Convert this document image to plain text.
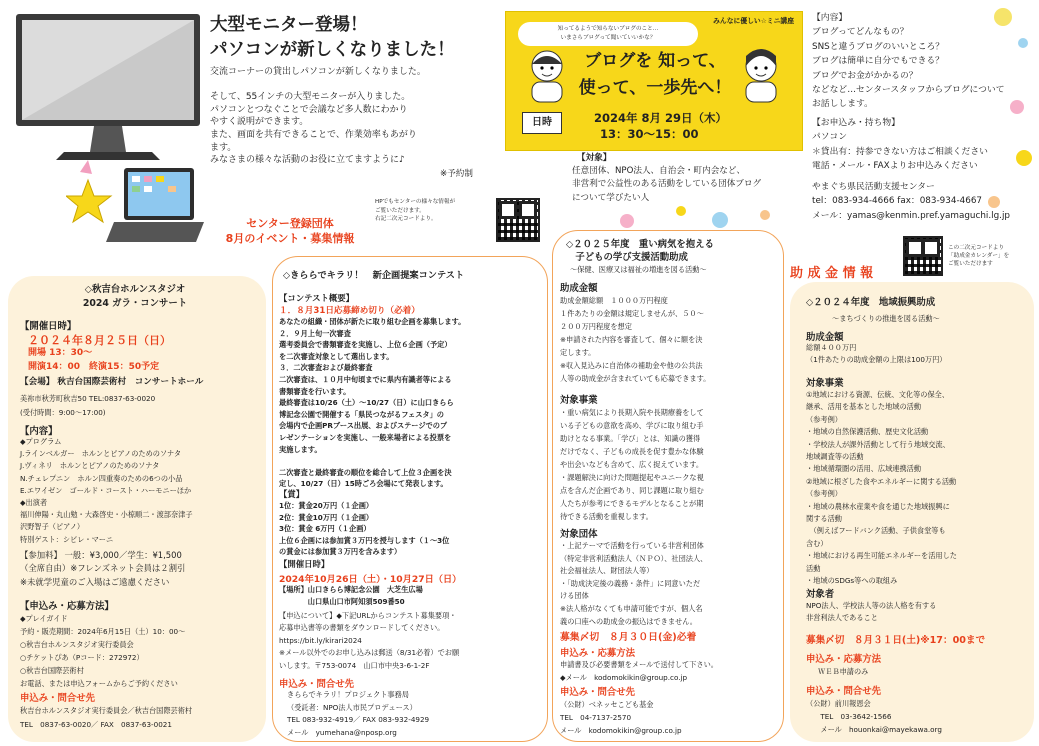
大型モニター登場！
パソコンが新しくなりました！
交流コーナーの貸出しパソコンが新しくなりました。

そして、55インチの大型モニターが入りました。
パソコンとつなぐことで会議など多人数にわかり
やすく説明ができます。
また、画面を共有できることで、作業効率もあがり
ます。
みなさまの様々な活動のお役に立てますように♪
※予約制
HPでもセンターの様々な情報が
ご覧いただけます。
右記二次元コードより。
センター登録団体
8月のイベント・募集情報
助 成 金 情 報
この二次元コードより
「助成金カレンダー」を
ご覧いただけます
みんなに優しい☆ミニ講座
知ってるようで知らないブログのこと…
いまさらブログって聞いていいかな？
ブログを 知って、
使って、一歩先へ！
日時	2024年 8月 29日（木）
13：30〜15：00
【対象】
任意団体、NPO法人、自治会・町内会など、
非営利で公益性のある活動をしている団体ブログ
について学びたい人
【内容】
ブログってどんなもの？
SNSと違うブログのいいところ？
ブログは簡単に自分でもできる？
ブログでお金がかかるの？
などなど…センタースタッフからブログについて
お話しします。
【お申込み・持ち物】
パソコン
＊貸出有：持参できない方はご相談ください
電話・メール・FAXよりお申込みください
やまぐち県民活動支援センター
tel：083-934-4666 fax：083-934-4667
メール：yamas@kenmin.pref.yamaguchi.lg.jp
◇秋吉台ホルンスタジオ
2024 ガラ・コンサート
【開催日時】
２０２４年８月２５日（日）
開場 13：30〜
開演14：00　終演15：50予定
【会場】 秋吉台国際芸術村　コンサートホール
美祢市秋芳町秋吉50 TEL:0837-63-0020
(受付時間：9:00〜17:00)
【内容】
◆プログラム
J.ラインベルガー　ホルンとピアノのためのソナタ
J.ヴィネリ　ホルンとピアノのためのソナタ
N.チェレプニン　ホルン四重奏のための6つの小品
E.エワイゼン　ゴールド・コースト・ハーモニーほか
◆出演者
福川伸陽・丸山勉・大森啓史・小椋順二・渡部奈津子
沢野智子（ピアノ）
特別ゲスト：シビレ・マーニ
【参加料】 一般：¥3,000／学生：¥1,500
（全席自由）※フレンズネット会員は２割引
※未就学児童のご入場はご遠慮ください
【申込み・応募方法】
◆プレイガイド
予約・販売期間：2024年6月15日（土）10：00〜
○秋吉台ホルンスタジオ実行委員会
○チケットぴあ（Pコード：272972）
○秋吉台国際芸術村
お電話、または申込フォームからご予約ください
申込み・問合せ先
秋吉台ホルンスタジオ実行委員会／秋吉台国際芸術村
TEL　0837-63-0020／ FAX　0837-63-0021
◇きららでキラリ！　新企画提案コンテスト
【コンテスト概要】
１．８月31日応募締め切り（必着）
あなたの組織・団体が新たに取り組む企画を募集します。
２．９月上旬一次審査
選考委員会で書類審査を実施し、上位６企画（予定）
を二次審査対象として選出します。
３．二次審査および最終審査
二次審査は、１０月中旬頃までに県内有識者等による
書類審査を行います。
最終審査は10/26（土）〜10/27（日）に山口きらら
博記念公園で開催する「県民つながるフェスタ」の
会場内で企画PRブース出展、およびステージでのプ
レゼンテーションを実施し、一般来場者による投票を
実施します。

二次審査と最終審査の順位を総合して上位３企画を決
定し、10/27（日）15時ごろ会場にて発表します。
【賞】
1位：賞金20万円（１企画）
2位：賞金10万円（１企画）
3位：賞金 6万円（１企画）
上位６企画には参加賞３万円を授与します（１〜3位
の賞金には参加賞３万円を含みます）
【開催日時】
2024年10月26日（土）・10月27日（日）
【場所】山口きらら博記念公園　大芝生広場
　　　　山口県山口市阿知須509番50
【申込について】◆下記URLからコンテスト募集要項・
応募申込書等の書類をダウンロードしてください。
https://bit.ly/kirari2024
※メール以外でのお申し込みは郵送（8/31必着）でお願
いします。〒753-0074　山口市中央3-6-1-2F
申込み・問合せ先
きららでキラリ！プロジェクト事務局
（受託者：NPO法人市民プロデュース）
TEL 083-932-4919／ FAX 083-932-4929
メール　yumehana@nposp.org
◇２０２５年度　重い病気を抱える
　子どもの学び支援活動助成
〜保健、医療又は福祉の増進を図る活動〜
助成金額
助成金額総額　１０００万円程度
１件あたりの金額は規定しませんが、５０〜
２００万円程度を想定
※申請された内容を審査して、個々に額を決
定します。
※収入見込みに自治体の補助金や他の公共法
人等の助成金が含まれていても応募できます。
対象事業
・重い病気により長期入院や長期療養をして
いる子どもの意欲を高め、学びに取り組む手
助けとなる事業。「学び」とは、知識の獲得
だけでなく、子どもの成長を促す豊かな体験
や出会いなども含めて、広く捉えています。
・課題解決に向けた問題提起やユニークな視
点を含んだ企画であり、同じ課題に取り組む
人たちが参考にできるモデルとなることが期
待できる活動を重視します。
対象団体
・上記テーマで活動を行っている非営利団体
（特定非営利活動法人（ＮＰＯ）、社団法人、
社会福祉法人、財団法人等）
・「助成決定後の義務・条件」に同意いただ
ける団体
※法人格がなくても申請可能ですが、個人名
義の口座への助成金の振込はできません。
募集〆切　８月３０日(金)必着
申込み・応募方法
申請書及び必要書類をメールで送付して下さい。
◆メール　kodomokikin@group.co.jp
申込み・問合せ先
（公財）ベネッセこども基金
TEL　04-7137-2570
メール　kodomokikin@group.co.jp
◇２０２４年度　地域振興助成
〜まちづくりの推進を図る活動〜
助成金額
総額４００万円
（1件あたりの助成金額の上限は100万円）
対象事業
①地域における資源、伝統、文化等の保全、
継承、活用を基本とした地域の活動
（参考例）
・地域の自然保護活動、歴史文化活動
・学校法人が課外活動として行う地域交流、
地域調査等の活動
・地域循環圏の活用、広域連携活動
②地域に根ざした食やエネルギーに関する活動
（参考例）
・地域の農林水産業や食を通じた地域振興に
関する活動
　（例えばフードバンク活動、子供食堂等も
含む）
・地域における再生可能エネルギーを活用した
活動
・地域のSDGs等への取組み
対象者
NPO法人、学校法人等の法人格を有する
非営利法人であること
募集〆切　８月３１日(土)※17：00まで
申込み・応募方法
ＷＥＢ申請のみ
申込み・問合せ先
（公財）前川報恩会
　　TEL　03-3642-1566
　　メール　houonkai@mayekawa.org
